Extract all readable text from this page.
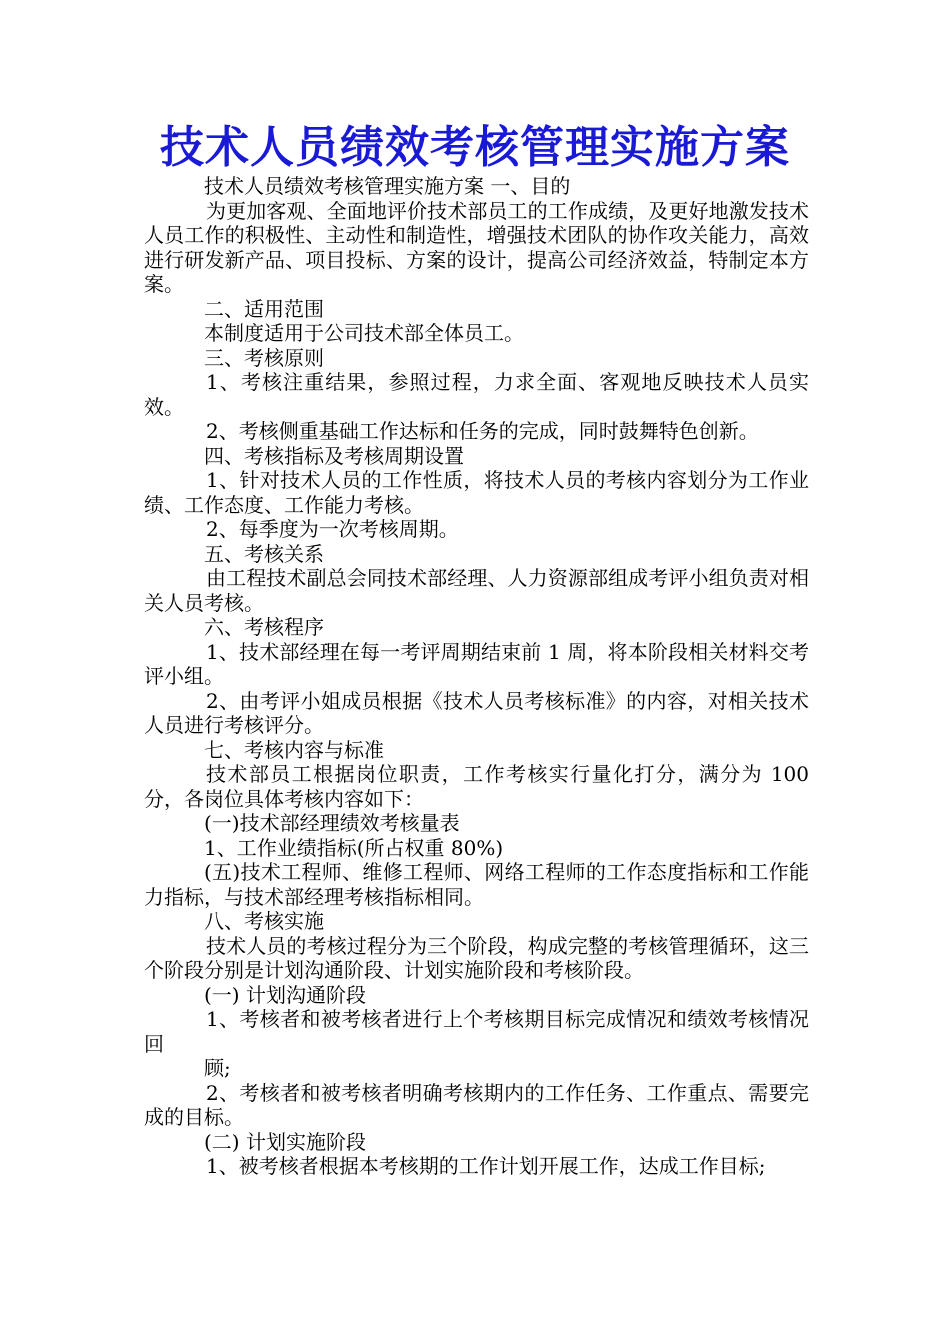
技术人员绩效考核管理实施方案

技术人员绩效考核管理实施方案 一、目的

为更加客观、全面地评价技术部员工的工作成绩，及更好地激发技术人员工作的积极性、主动性和制造性，增强技术团队的协作攻关能力，高效进行研发新产品、项目投标、方案的设计，提高公司经济效益，特制定本方案。

二、适用范围

本制度适用于公司技术部全体员工。

三、考核原则

1、考核注重结果，参照过程，力求全面、客观地反映技术人员实效。

2、考核侧重基础工作达标和任务的完成，同时鼓舞特色创新。

四、考核指标及考核周期设置

1、针对技术人员的工作性质，将技术人员的考核内容划分为工作业绩、工作态度、工作能力考核。

2、每季度为一次考核周期。

五、考核关系

由工程技术副总会同技术部经理、人力资源部组成考评小组负责对相关人员考核。

六、考核程序

1、技术部经理在每一考评周期结束前 1 周，将本阶段相关材料交考评小组。

2、由考评小姐成员根据《技术人员考核标准》的内容，对相关技术人员进行考核评分。

七、考核内容与标准

技术部员工根据岗位职责，工作考核实行量化打分，满分为 100 分，各岗位具体考核内容如下：

(一)技术部经理绩效考核量表

1、工作业绩指标(所占权重 80%)

(五)技术工程师、维修工程师、网络工程师的工作态度指标和工作能力指标，与技术部经理考核指标相同。

八、考核实施

技术人员的考核过程分为三个阶段，构成完整的考核管理循环，这三个阶段分别是计划沟通阶段、计划实施阶段和考核阶段。

(一) 计划沟通阶段

1、考核者和被考核者进行上个考核期目标完成情况和绩效考核情况回

顾;

2、考核者和被考核者明确考核期内的工作任务、工作重点、需要完成的目标。

(二) 计划实施阶段

1、被考核者根据本考核期的工作计划开展工作，达成工作目标;
